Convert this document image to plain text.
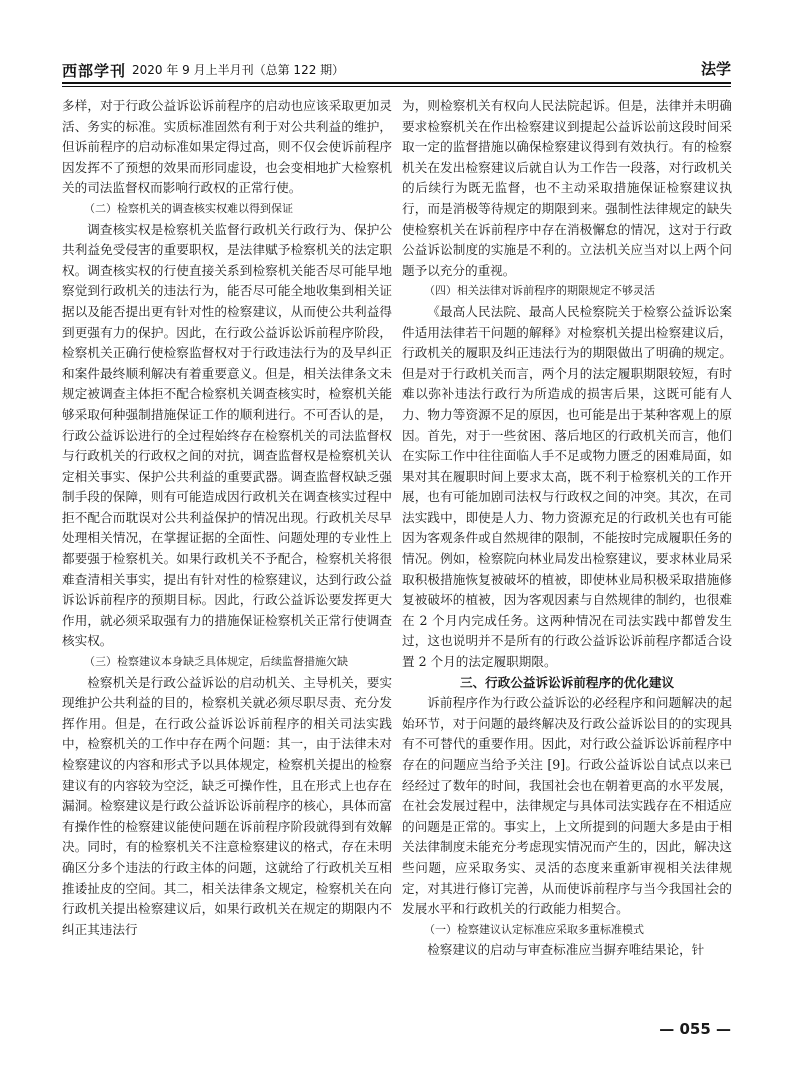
西部学刊 2020 年 9 月上半月刊（总第 122 期）	法学

多样，对于行政公益诉讼诉前程序的启动也应该采取更加灵活、务实的标准。实质标准固然有利于对公共利益的维护，但诉前程序的启动标准如果定得过高，则不仅会使诉前程序因发挥不了预想的效果而形同虚设，也会变相地扩大检察机关的司法监督权而影响行政权的正常行使。

（二）检察机关的调查核实权难以得到保证

调查核实权是检察机关监督行政机关行政行为、保护公共利益免受侵害的重要职权，是法律赋予检察机关的法定职权。调查核实权的行使直接关系到检察机关能否尽可能早地察觉到行政机关的违法行为，能否尽可能全地收集到相关证据以及能否提出更有针对性的检察建议，从而使公共利益得到更强有力的保护。因此，在行政公益诉讼诉前程序阶段，检察机关正确行使检察监督权对于行政违法行为的及早纠正和案件最终顺利解决有着重要意义。但是，相关法律条文未规定被调查主体拒不配合检察机关调查核实时，检察机关能够采取何种强制措施保证工作的顺利进行。不可否认的是，行政公益诉讼进行的全过程始终存在检察机关的司法监督权与行政机关的行政权之间的对抗，调查监督权是检察机关认定相关事实、保护公共利益的重要武器。调查监督权缺乏强制手段的保障，则有可能造成因行政机关在调查核实过程中拒不配合而耽误对公共利益保护的情况出现。行政机关尽早处理相关情况，在掌握证据的全面性、问题处理的专业性上都要强于检察机关。如果行政机关不予配合，检察机关将很难查清相关事实，提出有针对性的检察建议，达到行政公益诉讼诉前程序的预期目标。因此，行政公益诉讼要发挥更大作用，就必须采取强有力的措施保证检察机关正常行使调查核实权。

（三）检察建议本身缺乏具体规定，后续监督措施欠缺

检察机关是行政公益诉讼的启动机关、主导机关，要实现维护公共利益的目的，检察机关就必须尽职尽责、充分发挥作用。但是，在行政公益诉讼诉前程序的相关司法实践中，检察机关的工作中存在两个问题：其一，由于法律未对检察建议的内容和形式予以具体规定，检察机关提出的检察建议有的内容较为空泛，缺乏可操作性，且在形式上也存在漏洞。检察建议是行政公益诉讼诉前程序的核心，具体而富有操作性的检察建议能使问题在诉前程序阶段就得到有效解决。同时，有的检察机关不注意检察建议的格式，存在未明确区分多个违法的行政主体的问题，这就给了行政机关互相推诿扯皮的空间。其二，相关法律条文规定，检察机关在向行政机关提出检察建议后，如果行政机关在规定的期限内不纠正其违法行

为，则检察机关有权向人民法院起诉。但是，法律并未明确要求检察机关在作出检察建议到提起公益诉讼前这段时间采取一定的监督措施以确保检察建议得到有效执行。有的检察机关在发出检察建议后就自认为工作告一段落，对行政机关的后续行为既无监督，也不主动采取措施保证检察建议执行，而是消极等待规定的期限到来。强制性法律规定的缺失使检察机关在诉前程序中存在消极懈怠的情况，这对于行政公益诉讼制度的实施是不利的。立法机关应当对以上两个问题予以充分的重视。

（四）相关法律对诉前程序的期限规定不够灵活

《最高人民法院、最高人民检察院关于检察公益诉讼案件适用法律若干问题的解释》对检察机关提出检察建议后，行政机关的履职及纠正违法行为的期限做出了明确的规定。但是对于行政机关而言，两个月的法定履职期限较短，有时难以弥补违法行政行为所造成的损害后果，这既可能有人力、物力等资源不足的原因，也可能是出于某种客观上的原因。首先，对于一些贫困、落后地区的行政机关而言，他们在实际工作中往往面临人手不足或物力匮乏的困难局面，如果对其在履职时间上要求太高，既不利于检察机关的工作开展，也有可能加剧司法权与行政权之间的冲突。其次，在司法实践中，即使是人力、物力资源充足的行政机关也有可能因为客观条件或自然规律的限制，不能按时完成履职任务的情况。例如，检察院向林业局发出检察建议，要求林业局采取积极措施恢复被破坏的植被，即使林业局积极采取措施修复被破坏的植被，因为客观因素与自然规律的制约，也很难在 2 个月内完成任务。这两种情况在司法实践中都曾发生过，这也说明并不是所有的行政公益诉讼诉前程序都适合设置 2 个月的法定履职期限。

三、行政公益诉讼诉前程序的优化建议

诉前程序作为行政公益诉讼的必经程序和问题解决的起始环节，对于问题的最终解决及行政公益诉讼目的的实现具有不可替代的重要作用。因此，对行政公益诉讼诉前程序中存在的问题应当给予关注 [9]。行政公益诉讼自试点以来已经经过了数年的时间，我国社会也在朝着更高的水平发展，在社会发展过程中，法律规定与具体司法实践存在不相适应的问题是正常的。事实上，上文所提到的问题大多是由于相关法律制度未能充分考虑现实情况而产生的，因此，解决这些问题，应采取务实、灵活的态度来重新审视相关法律规定，对其进行修订完善，从而使诉前程序与当今我国社会的发展水平和行政机关的行政能力相契合。

（一）检察建议认定标准应采取多重标准模式

检察建议的启动与审查标准应当摒弃唯结果论，针

— 055 —
